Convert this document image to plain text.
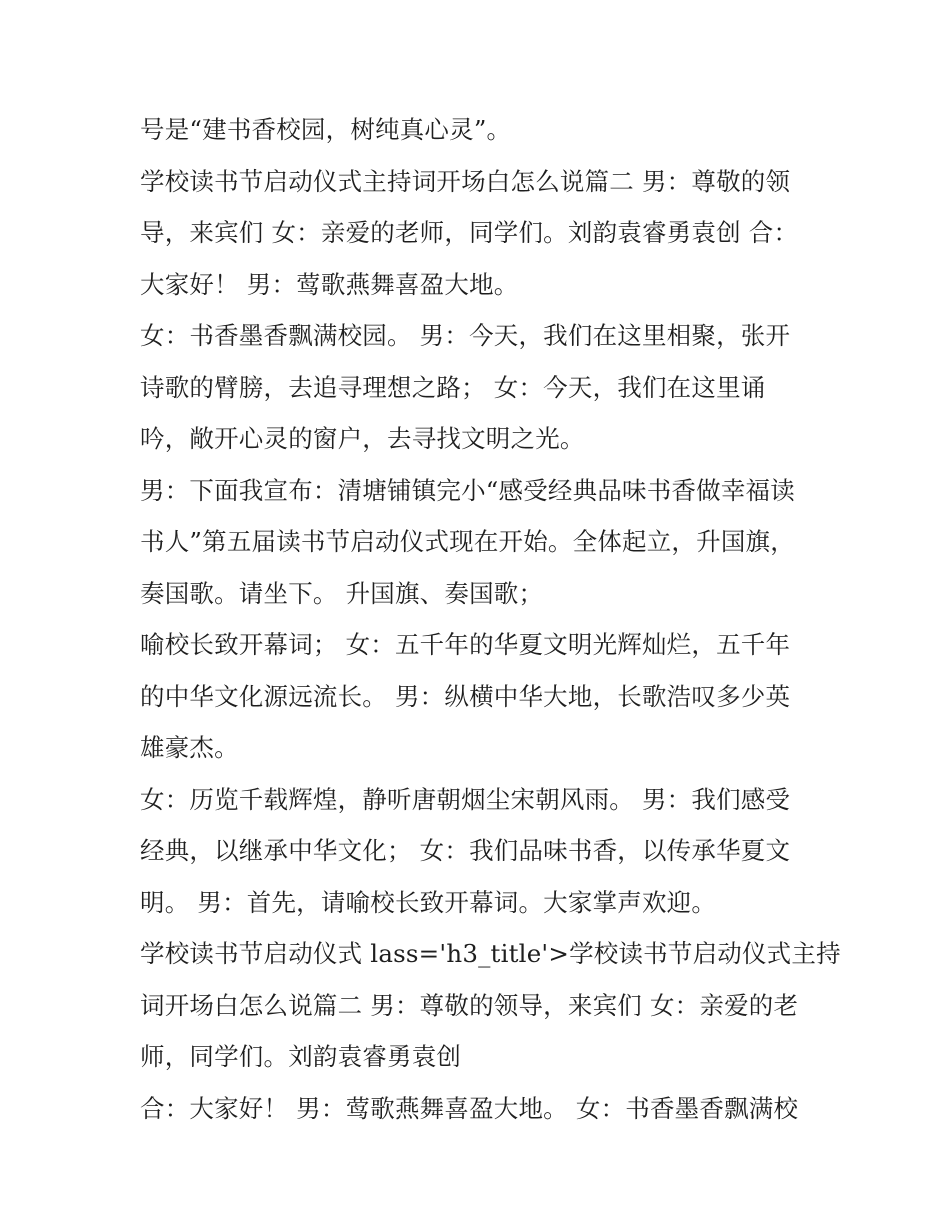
号是“建书香校园，树纯真心灵”。
学校读书节启动仪式主持词开场白怎么说篇二 男：尊敬的领
导，来宾们 女：亲爱的老师，同学们。刘韵袁睿勇袁创 合：
大家好！ 男：莺歌燕舞喜盈大地。
女：书香墨香飘满校园。 男：今天，我们在这里相聚，张开
诗歌的臂膀，去追寻理想之路； 女：今天，我们在这里诵
吟，敞开心灵的窗户，去寻找文明之光。
男：下面我宣布：清塘铺镇完小“感受经典品味书香做幸福读
书人”第五届读书节启动仪式现在开始。全体起立，升国旗，
奏国歌。请坐下。 升国旗、奏国歌；
喻校长致开幕词； 女：五千年的华夏文明光辉灿烂，五千年
的中华文化源远流长。 男：纵横中华大地，长歌浩叹多少英
雄豪杰。
女：历览千载辉煌，静听唐朝烟尘宋朝风雨。 男：我们感受
经典，以继承中华文化； 女：我们品味书香，以传承华夏文
明。 男：首先，请喻校长致开幕词。大家掌声欢迎。
学校读书节启动仪式 lass='h3_title'>学校读书节启动仪式主持
词开场白怎么说篇二 男：尊敬的领导，来宾们 女：亲爱的老
师，同学们。刘韵袁睿勇袁创
合：大家好！ 男：莺歌燕舞喜盈大地。 女：书香墨香飘满校
